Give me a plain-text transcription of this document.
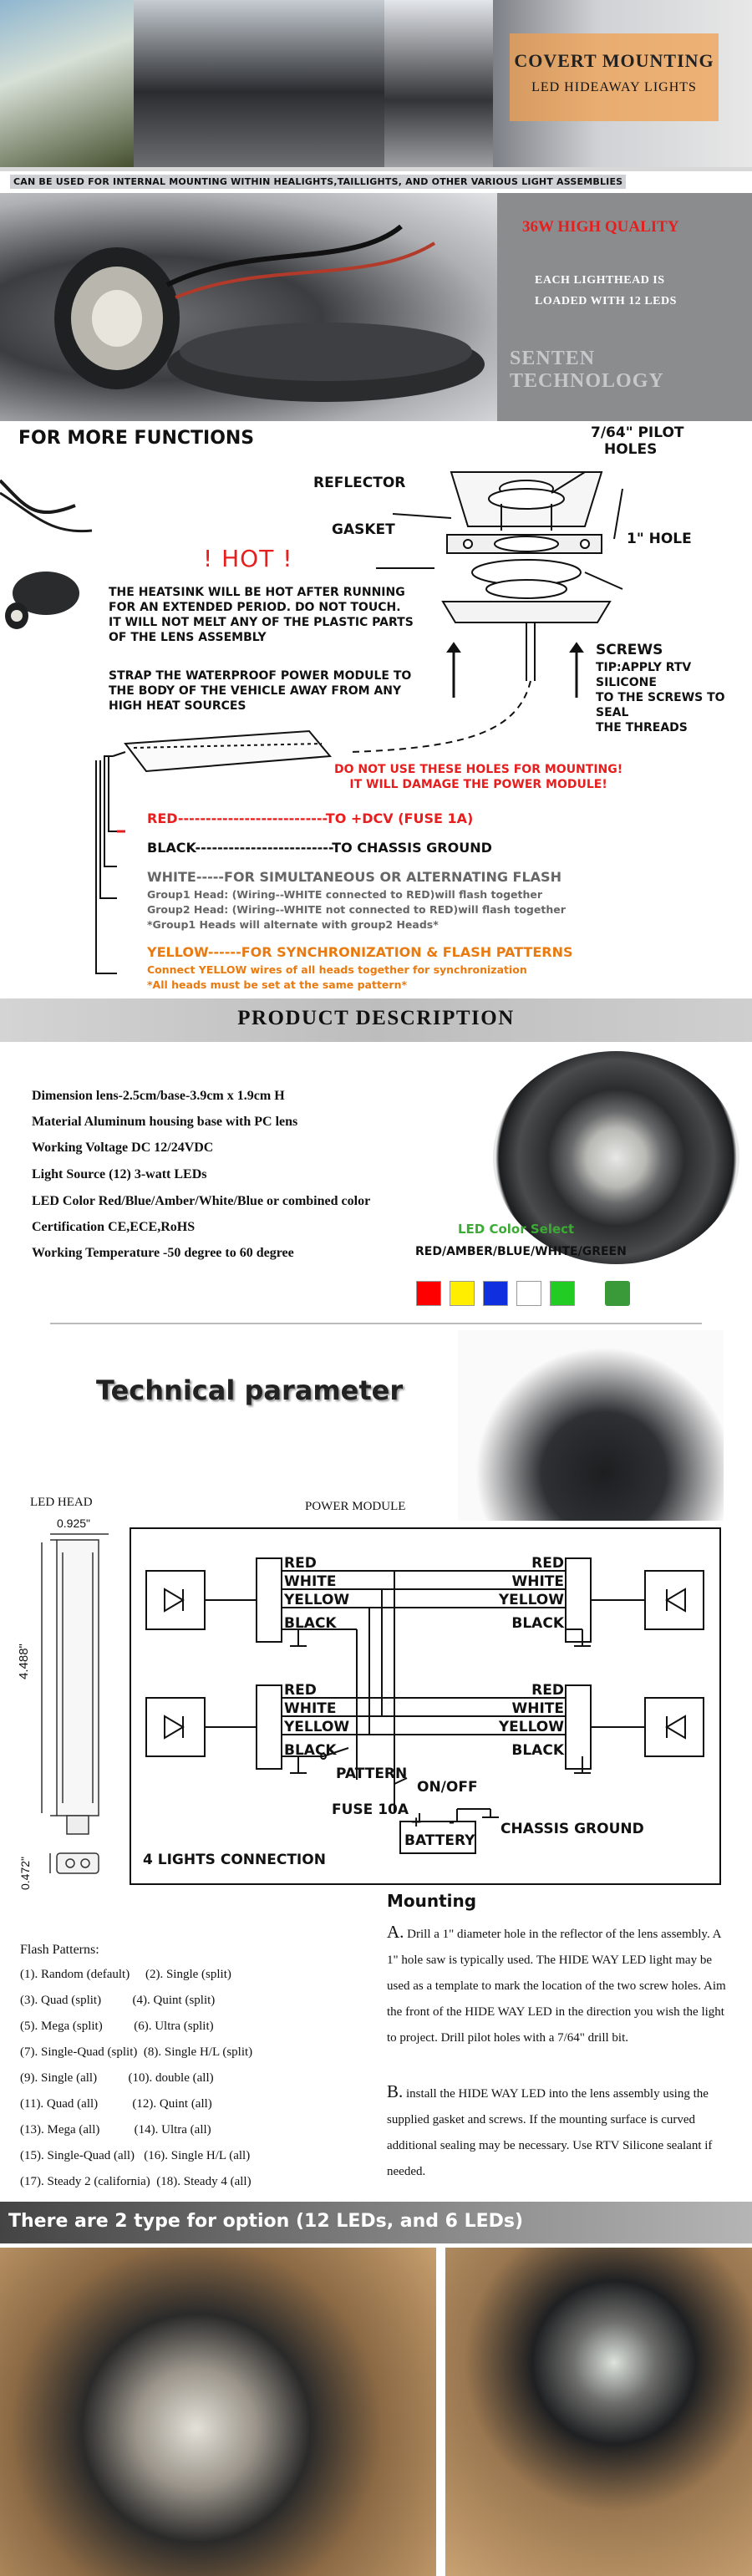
COVERT MOUNTING
LED HIDEAWAY LIGHTS
CAN BE USED FOR INTERNAL MOUNTING WITHIN HEALIGHTS,TAILLIGHTS, AND OTHER VARIOUS LIGHT ASSEMBLIES
36W HIGH QUALITY
EACH LIGHTHEAD IS
LOADED WITH 12 LEDS
SENTEN TECHNOLOGY
FOR MORE FUNCTIONS	7/64" PILOT
HOLES
REFLECTOR
GASKET
1" HOLE
! HOT !
THE HEATSINK WILL BE HOT AFTER RUNNING
FOR AN EXTENDED PERIOD. DO NOT TOUCH.
IT WILL NOT MELT ANY OF THE PLASTIC PARTS
OF THE LENS ASSEMBLY
STRAP THE WATERPROOF POWER MODULE TO
THE BODY OF THE VEHICLE AWAY FROM ANY
HIGH HEAT SOURCES
SCREWS
TIP:APPLY RTV SILICONE
TO THE SCREWS TO SEAL
THE THREADS
DO NOT USE THESE HOLES FOR MOUNTING!
IT WILL DAMAGE THE POWER MODULE!
RED---------------------------TO +DCV (FUSE 1A)
BLACK-------------------------TO CHASSIS GROUND
WHITE-----FOR SIMULTANEOUS OR ALTERNATING FLASH
Group1 Head: (Wiring--WHITE connected to RED)will flash together
Group2 Head: (Wiring--WHITE not connected to RED)will flash together
*Group1 Heads will alternate with group2 Heads*
YELLOW------FOR SYNCHRONIZATION & FLASH PATTERNS
Connect YELLOW wires of all heads together for synchronization
*All heads must be set at the same pattern*
PRODUCT DESCRIPTION
Dimension lens-2.5cm/base-3.9cm x 1.9cm H
Material Aluminum housing base with PC lens
Working Voltage DC 12/24VDC
Light Source (12) 3-watt LEDs
LED Color Red/Blue/Amber/White/Blue or combined color
Certification CE,ECE,RoHS
Working Temperature -50 degree to 60 degree
LED Color Select
RED/AMBER/BLUE/WHITE/GREEN
Technical parameter
LED HEAD	POWER MODULE
0.925"
4.488"
0.472"
RED
WHITE
YELLOW
BLACK
RED
WHITE
YELLOW
BLACK
RED
WHITE
YELLOW
BLACK
RED
WHITE
YELLOW
BLACK
PATTERN
ON/OFF
FUSE 10A
+ -
BATTERY
CHASSIS GROUND
4 LIGHTS CONNECTION
Flash Patterns:
(1). Random (default)     (2). Single (split)
(3). Quad (split)          (4). Quint (split)
(5). Mega (split)          (6). Ultra (split)
(7). Single-Quad (split)  (8). Single H/L (split)
(9). Single (all)          (10). double (all)
(11). Quad (all)           (12). Quint (all)
(13). Mega (all)           (14). Ultra (all)
(15). Single-Quad (all)   (16). Single H/L (all)
(17). Steady 2 (california)  (18). Steady 4 (all)
Mounting
A. Drill a 1" diameter hole in the reflector of the lens assembly. A 1" hole saw is typically used. The HIDE WAY LED light may be used as a template to mark the location of the two screw holes. Aim the front of the HIDE WAY LED in the direction you wish the light to project. Drill pilot holes with a 7/64" drill bit.
B. install the HIDE WAY LED into the lens assembly using the supplied gasket and screws. If the mounting surface is curved additional sealing may be necessary. Use RTV Silicone sealant if needed.
There are 2 type for option (12 LEDs, and 6 LEDs)
